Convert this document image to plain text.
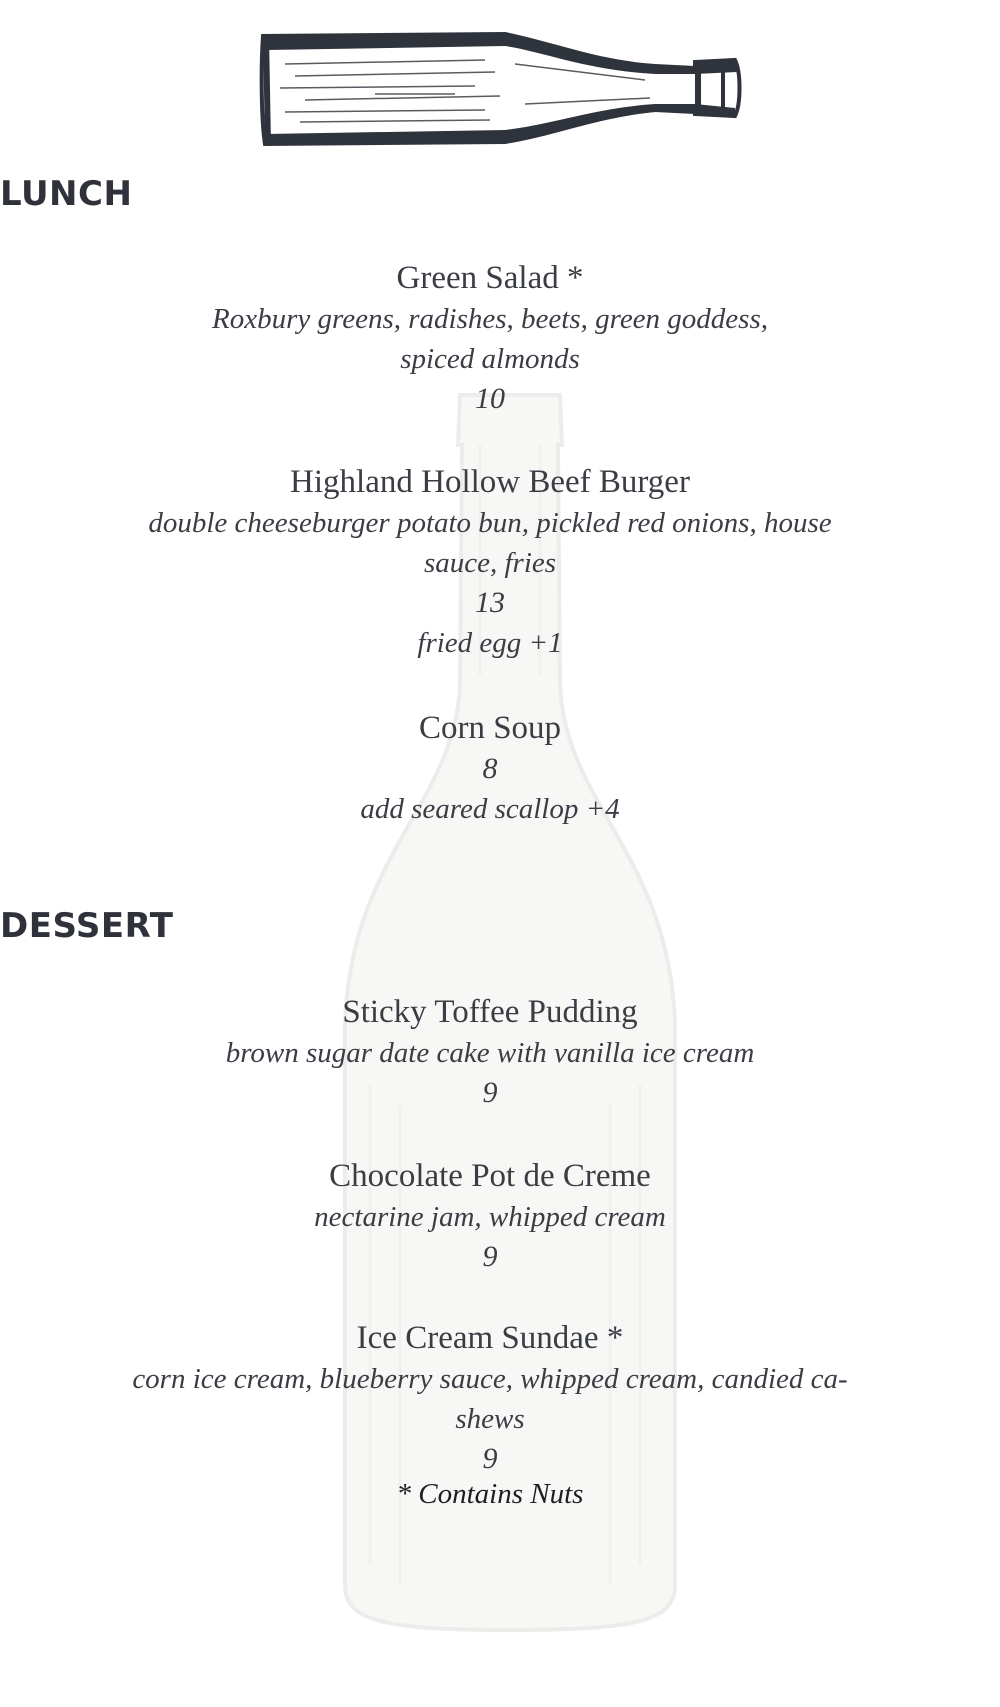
LUNCH
Green Salad *
Roxbury greens, radishes, beets, green goddess,
spiced almonds
10
Highland Hollow Beef Burger
double cheeseburger potato bun, pickled red onions, house
sauce, fries
13
fried egg +1
Corn Soup
8
add seared scallop +4
DESSERT
Sticky Toffee Pudding
brown sugar date cake with vanilla ice cream
9
Chocolate Pot de Creme
nectarine jam, whipped cream
9
Ice Cream Sundae *
corn ice cream, blueberry sauce, whipped cream, candied ca-
shews
9
* Contains Nuts
